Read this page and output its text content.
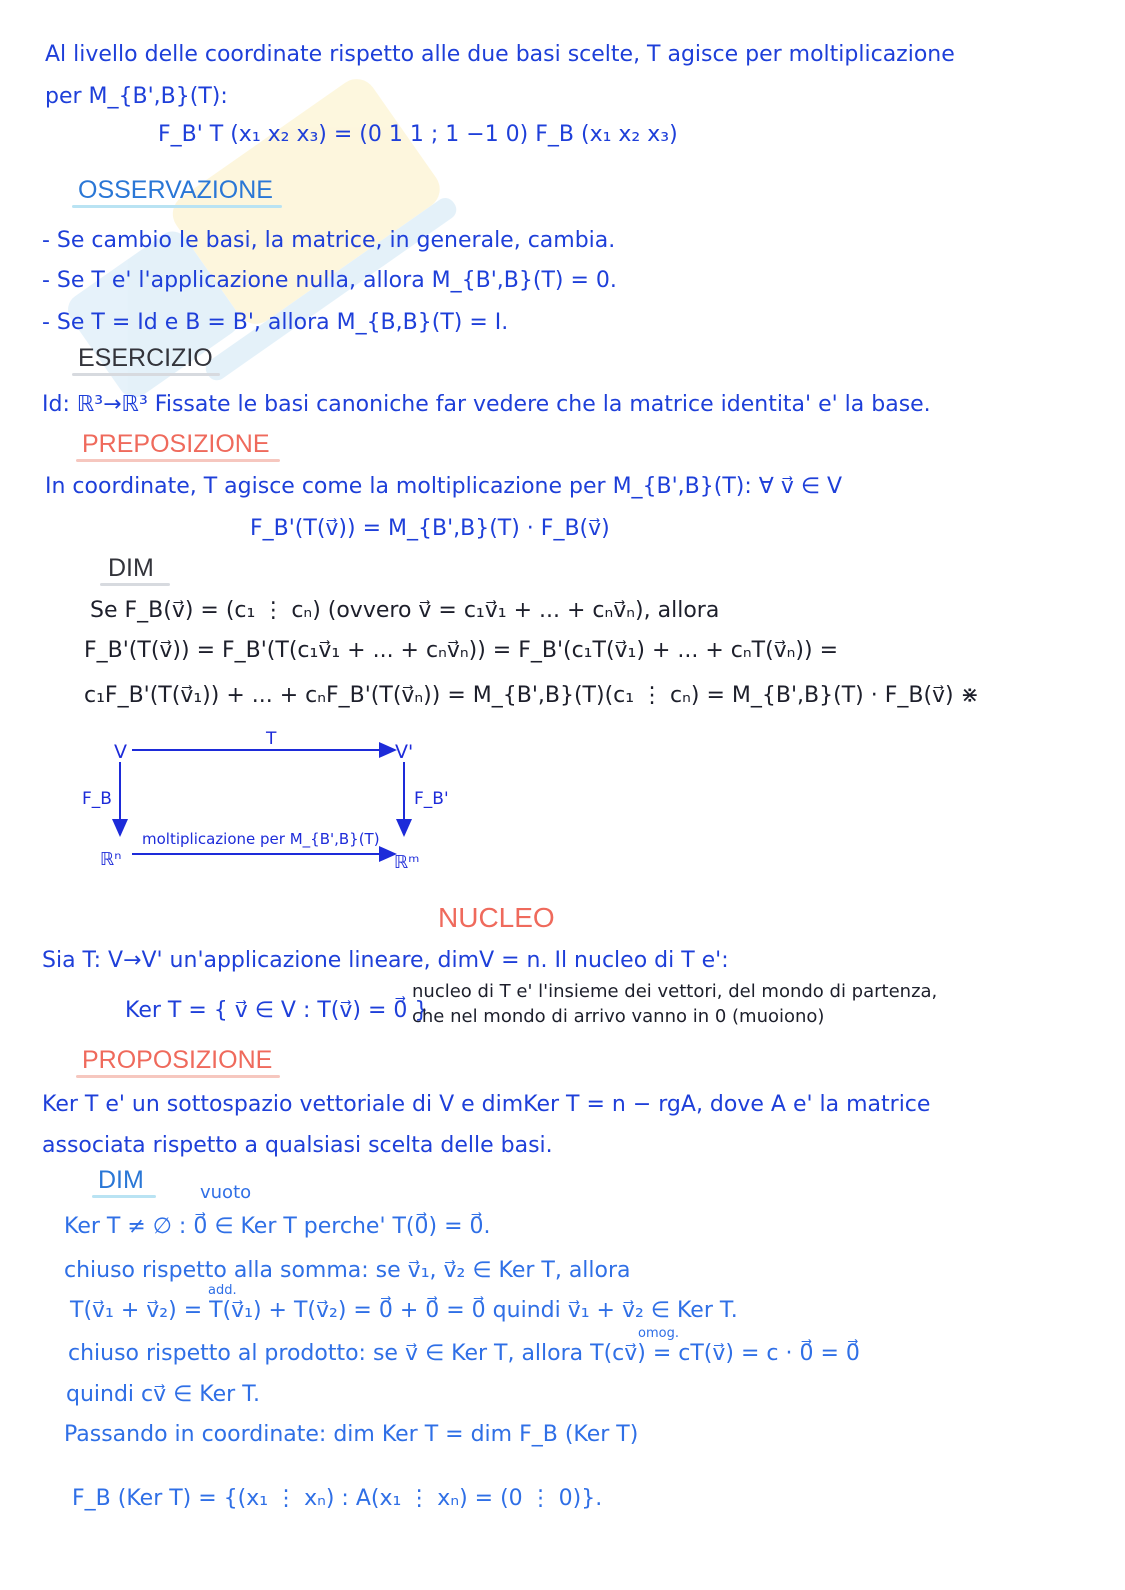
Al livello delle coordinate rispetto alle due basi scelte, T agisce per moltiplicazione
per M_{B',B}(T):
F_B' T (x₁ x₂ x₃) = (0 1 1 ; 1 −1 0) F_B (x₁ x₂ x₃)
OSSERVAZIONE
- Se cambio le basi, la matrice, in generale, cambia.
- Se T e' l'applicazione nulla, allora M_{B',B}(T) = 0.
- Se T = Id e B = B', allora M_{B,B}(T) = I.
ESERCIZIO
Id: ℝ³→ℝ³ Fissate le basi canoniche far vedere che la matrice identita' e' la base.
PREPOSIZIONE
In coordinate, T agisce come la moltiplicazione per M_{B',B}(T): ∀ v⃗ ∈ V
F_B'(T(v⃗)) = M_{B',B}(T) · F_B(v⃗)
DIM
Se F_B(v⃗) = (c₁ ⋮ cₙ) (ovvero v⃗ = c₁v⃗₁ + ... + cₙv⃗ₙ), allora
F_B'(T(v⃗)) = F_B'(T(c₁v⃗₁ + ... + cₙv⃗ₙ)) = F_B'(c₁T(v⃗₁) + ... + cₙT(v⃗ₙ)) =
c₁F_B'(T(v⃗₁)) + ... + cₙF_B'(T(v⃗ₙ)) = M_{B',B}(T)(c₁ ⋮ cₙ) = M_{B',B}(T) · F_B(v⃗) ⋇
V	V'
T
F_B	F_B'
ℝⁿ	ℝᵐ
moltiplicazione per M_{B',B}(T)
NUCLEO
Sia T: V→V' un'applicazione lineare, dimV = n. Il nucleo di T e':
Ker T = { v⃗ ∈ V : T(v⃗) = 0⃗ }
nucleo di T e' l'insieme dei vettori, del mondo di partenza,
che nel mondo di arrivo vanno in 0 (muoiono)
PROPOSIZIONE
Ker T e' un sottospazio vettoriale di V e dimKer T = n − rgA, dove A e' la matrice
associata rispetto a qualsiasi scelta delle basi.
DIM	vuoto
Ker T ≠ ∅ : 0⃗ ∈ Ker T perche' T(0⃗) = 0⃗.
chiuso rispetto alla somma: se v⃗₁, v⃗₂ ∈ Ker T, allora
add.
T(v⃗₁ + v⃗₂) = T(v⃗₁) + T(v⃗₂) = 0⃗ + 0⃗ = 0⃗ quindi v⃗₁ + v⃗₂ ∈ Ker T.
omog.
chiuso rispetto al prodotto: se v⃗ ∈ Ker T, allora T(cv⃗) = cT(v⃗) = c · 0⃗ = 0⃗
quindi cv⃗ ∈ Ker T.
Passando in coordinate: dim Ker T = dim F_B (Ker T)
F_B (Ker T) = {(x₁ ⋮ xₙ) : A(x₁ ⋮ xₙ) = (0 ⋮ 0)}.
